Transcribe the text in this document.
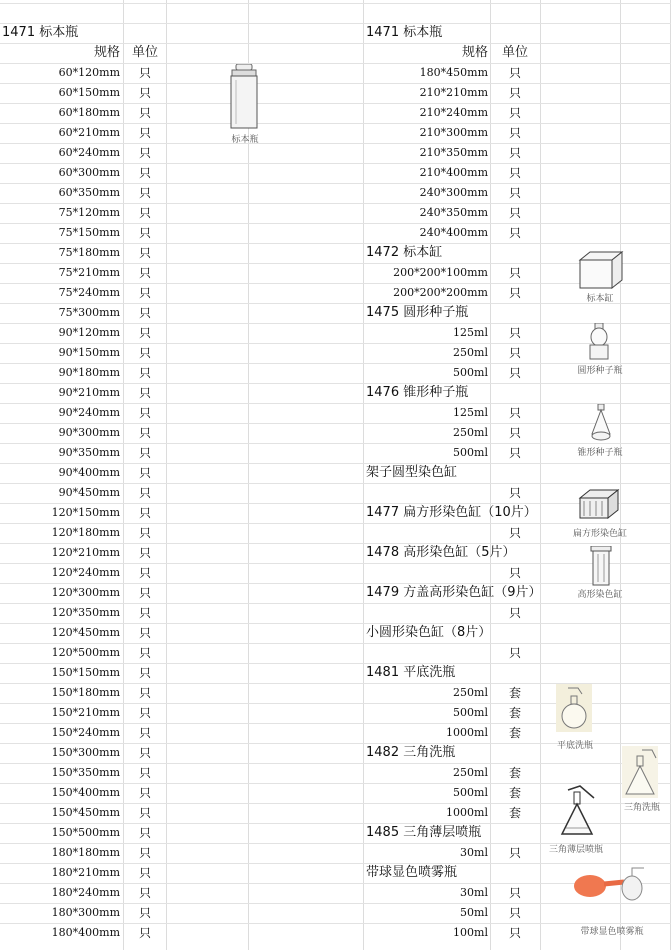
1471 标本瓶
规格 单位
60*120mm	只
60*150mm	只
60*180mm	只
60*210mm	只
60*240mm	只
60*300mm	只
60*350mm	只
75*120mm	只
75*150mm	只
75*180mm	只
75*210mm	只
75*240mm	只
75*300mm	只
90*120mm	只
90*150mm	只
90*180mm	只
90*210mm	只
90*240mm	只
90*300mm	只
90*350mm	只
90*400mm	只
90*450mm	只
120*150mm	只
120*180mm	只
120*210mm	只
120*240mm	只
120*300mm	只
120*350mm	只
120*450mm	只
120*500mm	只
150*150mm	只
150*180mm	只
150*210mm	只
150*240mm	只
150*300mm	只
150*350mm	只
150*400mm	只
150*450mm	只
150*500mm	只
180*180mm	只
180*210mm	只
180*240mm	只
180*300mm	只
180*400mm	只
1471 标本瓶
规格	单位
180*450mm	只
210*210mm	只
210*240mm	只
210*300mm	只
210*350mm	只
210*400mm	只
240*300mm	只
240*350mm	只
240*400mm	只
1472 标本缸
200*200*100mm	只
200*200*200mm	只
1475 圆形种子瓶
125ml	只
250ml	只
500ml	只
1476 锥形种子瓶
125ml	只
250ml	只
500ml	只
架子圆型染色缸
只
1477 扁方形染色缸（10片）
只
1478 高形染色缸（5片）
只
1479 方盖高形染色缸（9片）
只
小圆形染色缸（8片）
只
1481 平底洗瓶
250ml	套
500ml	套
1000ml	套
1482 三角洗瓶
250ml	套
500ml	套
1000ml	套
1485 三角薄层喷瓶
30ml	只
带球显色喷雾瓶
30ml	只
50ml	只
100ml	只
标本瓶
标本缸
圆形种子瓶
锥形种子瓶
扁方形染色缸
高形染色缸
平底洗瓶
三角洗瓶
三角薄层喷瓶
带球显色喷雾瓶
